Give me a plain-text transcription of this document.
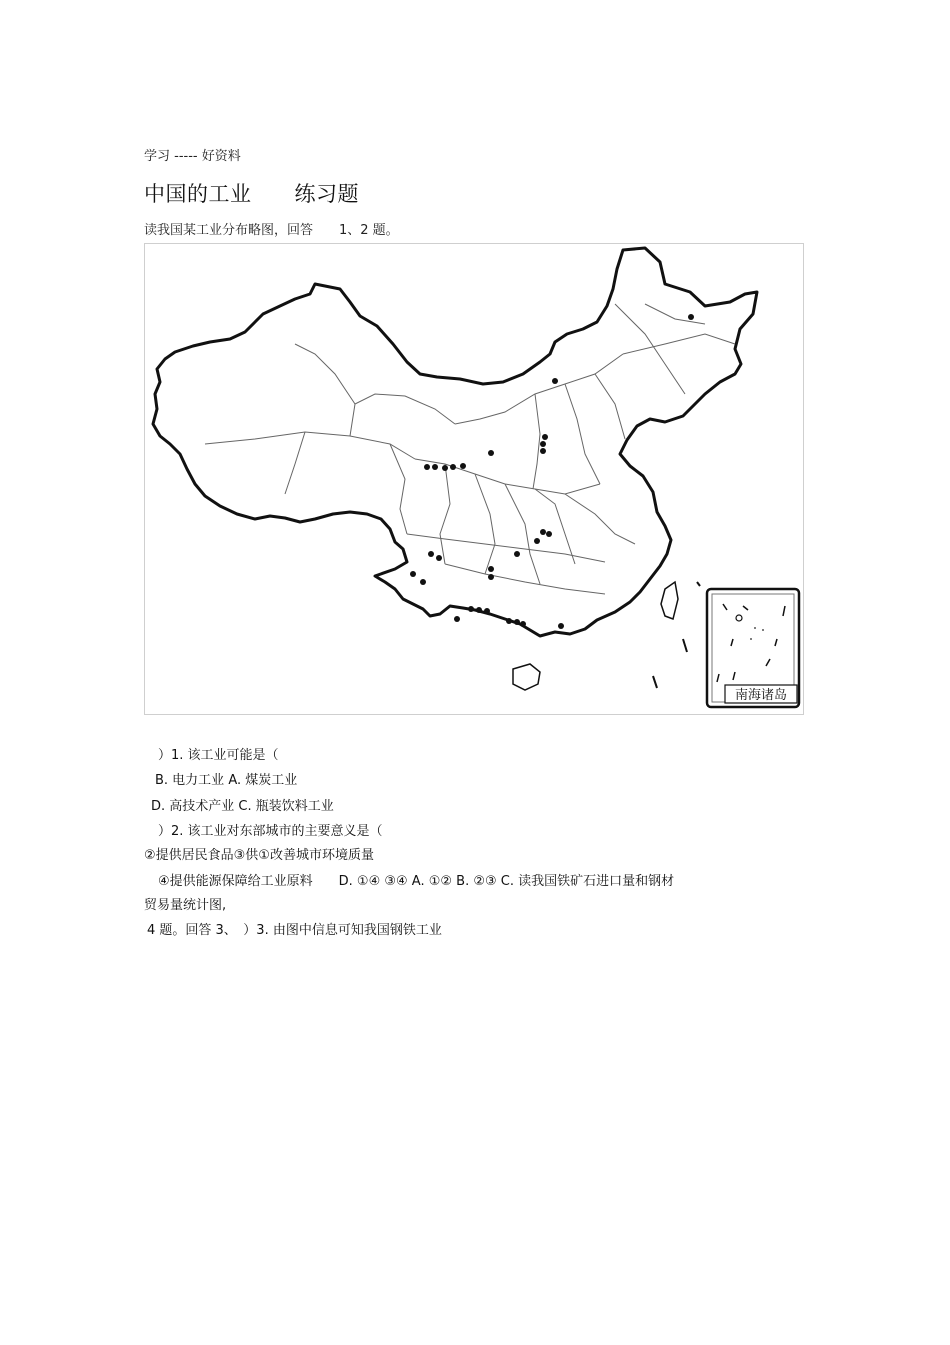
学习 ----- 好资料
中国的工业　　练习题
读我国某工业分布略图，回答　　1、2 题。
南海诸岛
）1. 该工业可能是（
B. 电力工业 A. 煤炭工业
D. 高技术产业 C. 瓶装饮料工业
）2. 该工业对东部城市的主要意义是（
②提供居民食品③供①改善城市环境质量
④提供能源保障给工业原料　　D. ①④ ③④ A. ①② B. ②③ C. 读我国铁矿石进口量和钢材
贸易量统计图,
4 题。回答 3、　）3. 由图中信息可知我国钢铁工业
